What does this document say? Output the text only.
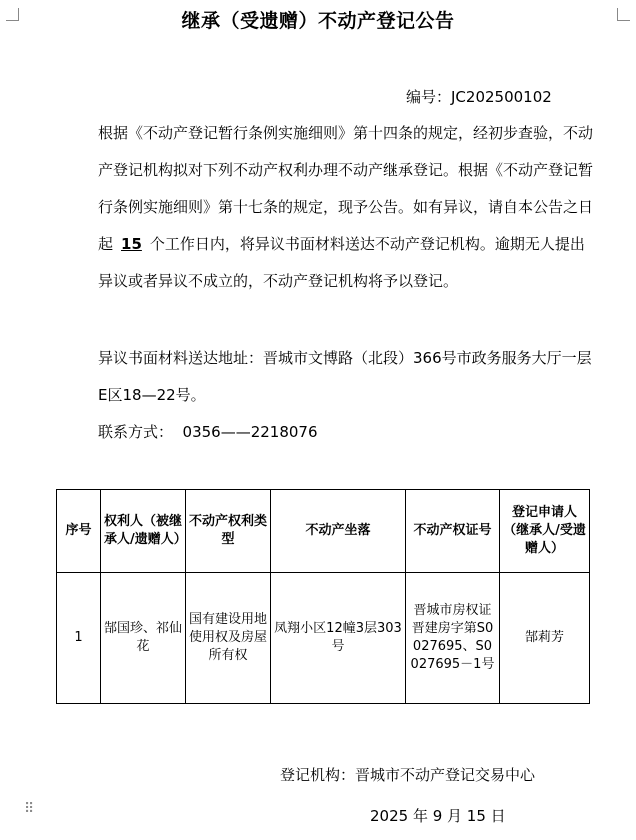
继承（受遗赠）不动产登记公告
编号：JC202500102

根据《不动产登记暂行条例实施细则》第十四条的规定，经初步查验，不动产登记机构拟对下列不动产权利办理不动产继承登记。根据《不动产登记暂行条例实施细则》第十七条的规定，现予公告。如有异议，请自本公告之日起 15 个工作日内，将异议书面材料送达不动产登记机构。逾期无人提出异议或者异议不成立的，不动产登记机构将予以登记。

异议书面材料送达地址：晋城市文博路（北段）366号市政务服务大厅一层E区18—22号。

联系方式：  0356——2218076

序号	权利人（被继承人/遗赠人）	不动产权利类型	不动产坐落	不动产权证号	登记申请人（继承人/受遗赠人）
1	郜国珍、祁仙花	国有建设用地使用权及房屋所有权	凤翔小区12幢3层303号	晋城市房权证晋建房字第S0027695、S0027695－1号	郜莉芳
登记机构：晋城市不动产登记交易中心
2025 年 9 月 15 日
⠿
